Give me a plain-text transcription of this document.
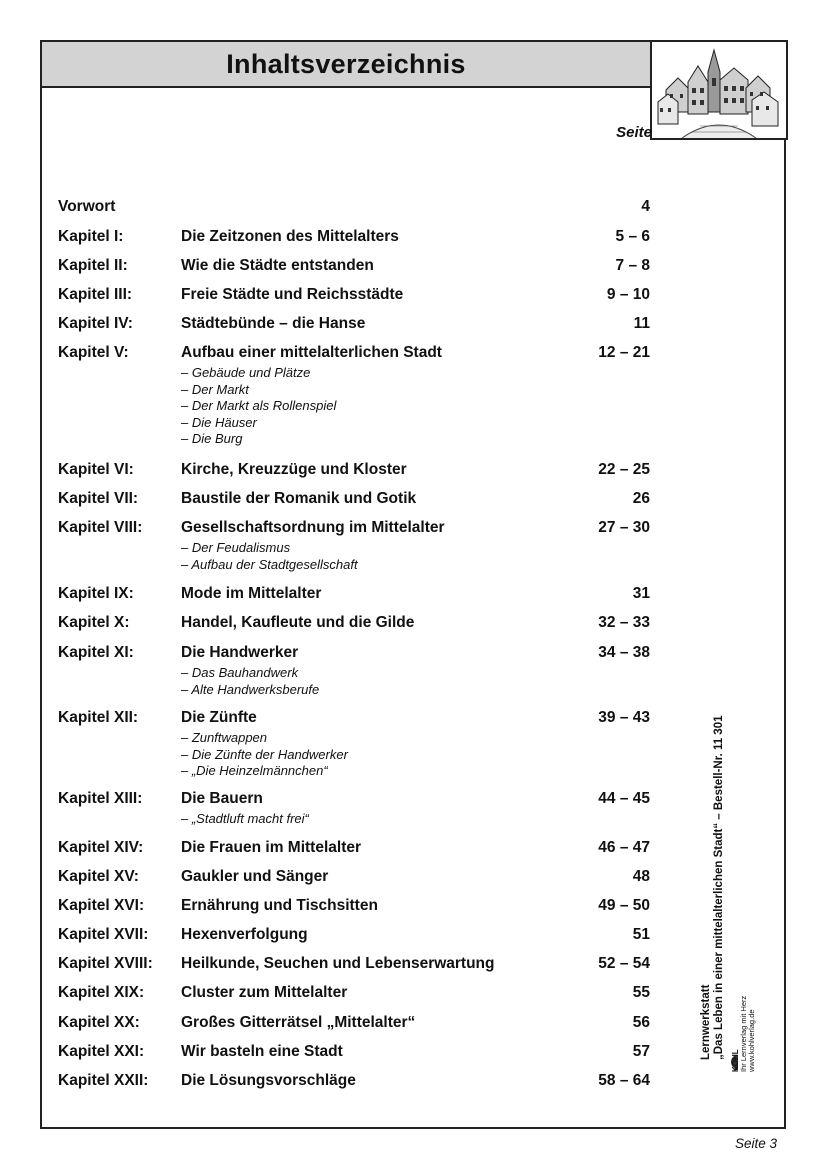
Inhaltsverzeichnis
Seite
Vorwort	4
Kapitel I:	Die Zeitzonen des Mittelalters	5 – 6
Kapitel II:	Wie die Städte entstanden	7 – 8
Kapitel III:	Freie Städte und Reichsstädte	9 – 10
Kapitel IV:	Städtebünde – die Hanse	11
Kapitel V:	Aufbau einer mittelalterlichen Stadt	12 – 21
– Gebäude und Plätze
– Der Markt
– Der Markt als Rollenspiel
– Die Häuser
– Die Burg
Kapitel VI:	Kirche, Kreuzzüge und Kloster	22 – 25
Kapitel VII:	Baustile der Romanik und Gotik	26
Kapitel VIII:	Gesellschaftsordnung im Mittelalter	27 – 30
– Der Feudalismus
– Aufbau der Stadtgesellschaft
Kapitel IX:	Mode im Mittelalter	31
Kapitel X:	Handel, Kaufleute und die Gilde	32 – 33
Kapitel XI:	Die Handwerker	34 – 38
– Das Bauhandwerk
– Alte Handwerksberufe
Kapitel XII:	Die Zünfte	39 – 43
– Zunftwappen
– Die Zünfte der Handwerker
– „Die Heinzelmännchen“
Kapitel XIII:	Die Bauern	44 – 45
– „Stadtluft macht frei“
Kapitel XIV:	Die Frauen im Mittelalter	46 – 47
Kapitel XV:	Gaukler und Sänger	48
Kapitel XVI:	Ernährung und Tischsitten	49 – 50
Kapitel XVII:	Hexenverfolgung	51
Kapitel XVIII:	Heilkunde, Seuchen und Lebenserwartung	52 – 54
Kapitel XIX:	Cluster zum Mittelalter	55
Kapitel XX:	Großes Gitterrätsel „Mittelalter“	56
Kapitel XXI:	Wir basteln eine Stadt	57
Kapitel XXII:	Die Lösungsvorschläge	58 – 64
Lernwerkstatt „Das Leben in einer mittelalterlichen Stadt“ – Bestell-Nr. 11 301
KOHL Ihr Lernverlag mit Herz www.kohlverlag.de
Seite 3
